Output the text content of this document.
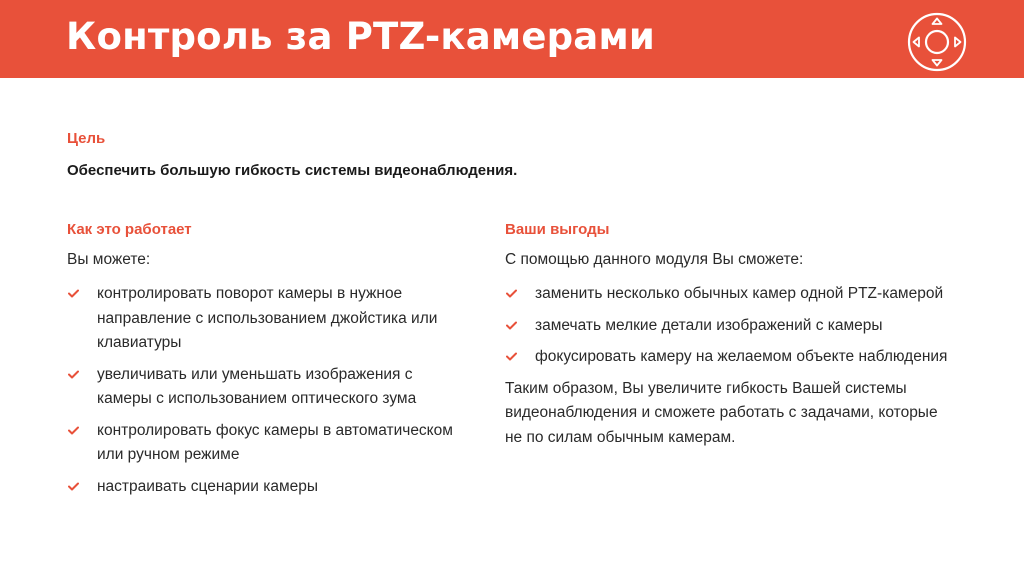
Контроль за PTZ-камерами
Цель

Обеспечить большую гибкость системы видеонаблюдения.

Как это работает

Вы можете:

контролировать поворот камеры в нужное направление с использованием джойстика или клавиатуры
увеличивать или уменьшать изображения с камеры с использованием оптического зума
контролировать фокус камеры в автоматическом или ручном режиме
настраивать сценарии камеры
Ваши выгоды

С помощью данного модуля Вы сможете:

заменить несколько обычных камер одной PTZ-камерой
замечать мелкие детали изображений с камеры
фокусировать камеру на желаемом объекте наблюдения

Таким образом, Вы увеличите гибкость Вашей системы видеонаблюдения и сможете работать с задачами, которые не по силам обычным камерам.
